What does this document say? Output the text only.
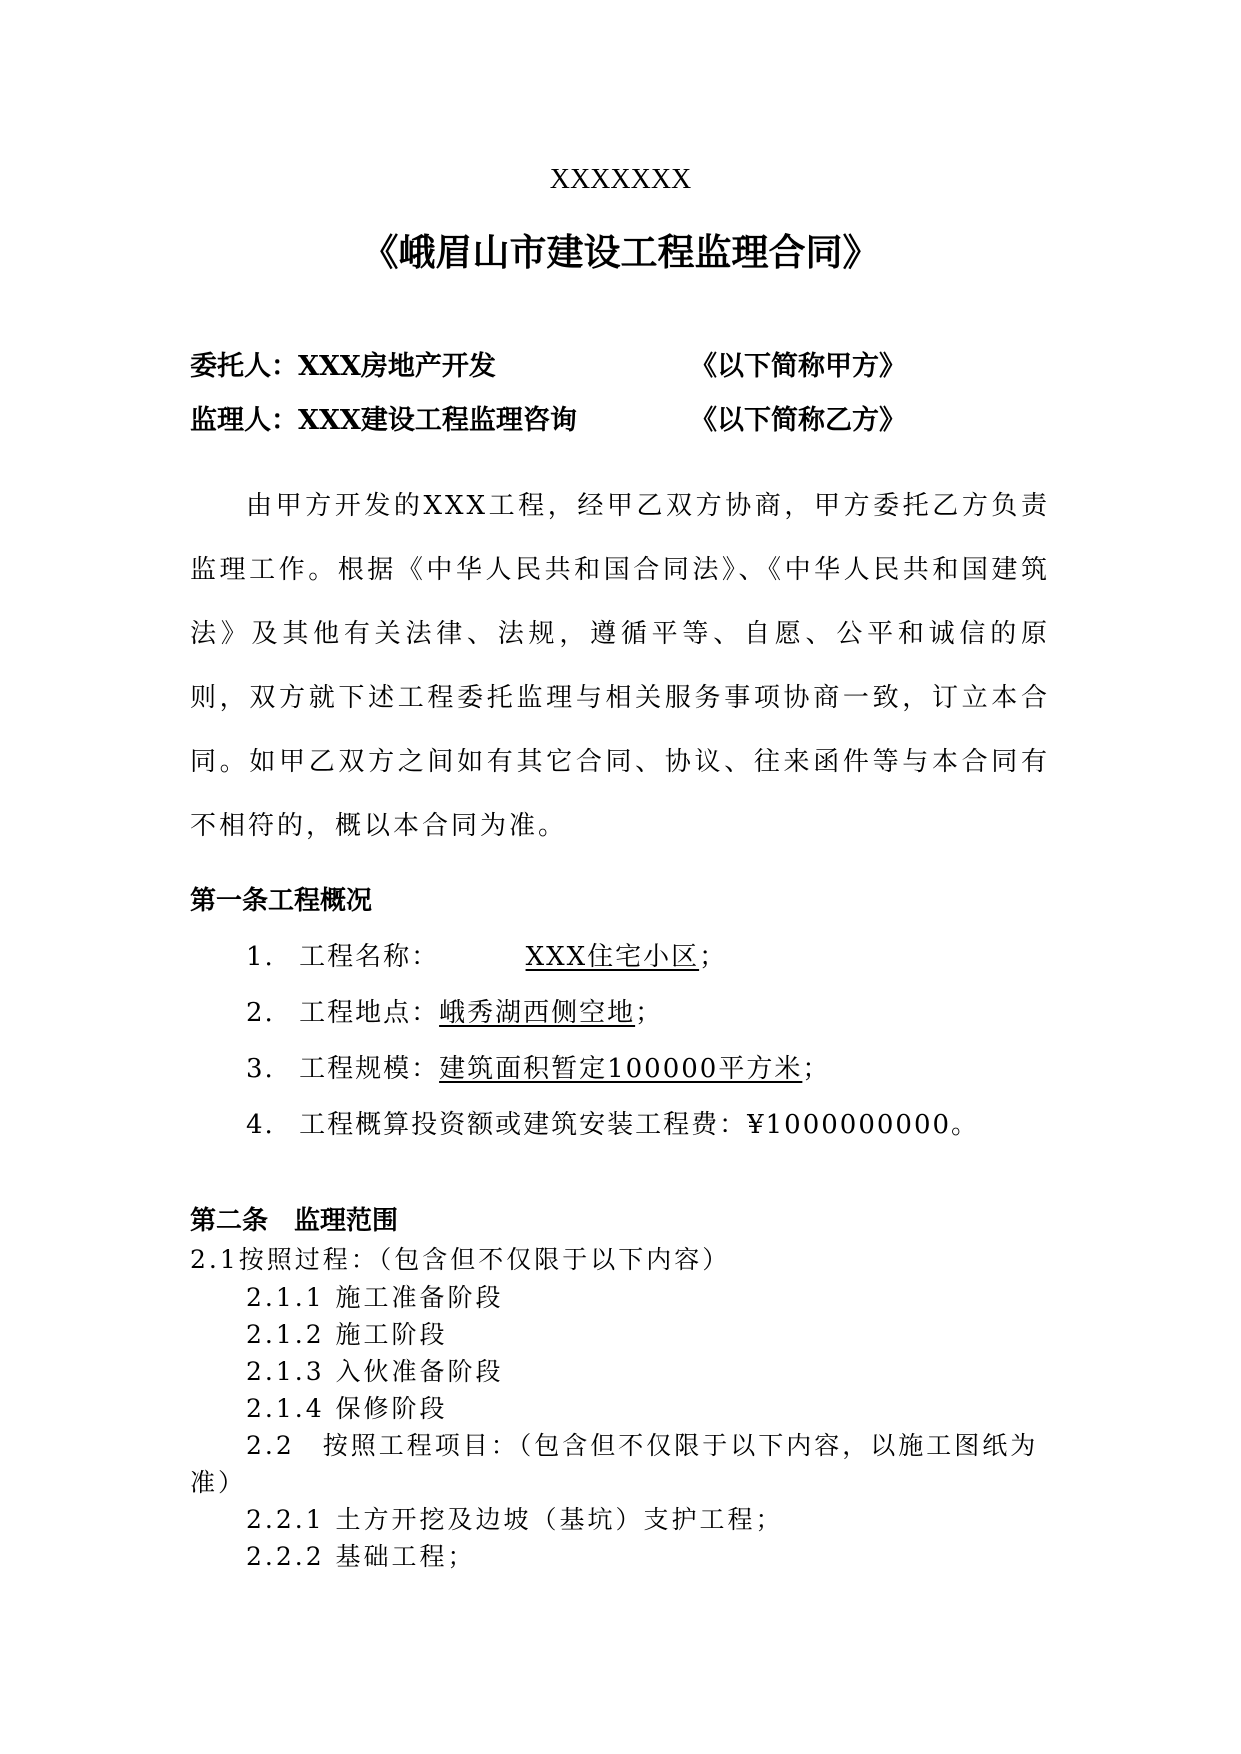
XXXXXXX
《峨眉山市建设工程监理合同》
委托人：XXX房地产开发	《以下简称甲方》
监理人：XXX建设工程监理咨询	《以下简称乙方》
由甲方开发的XXX工程，经甲乙双方协商，甲方委托乙方负责监理工作。根据《中华人民共和国合同法》、《中华人民共和国建筑法》及其他有关法律、法规，遵循平等、自愿、公平和诚信的原则，双方就下述工程委托监理与相关服务事项协商一致，订立本合同。如甲乙双方之间如有其它合同、协议、往来函件等与本合同有不相符的，概以本合同为准。
第一条工程概况
1. 工程名称：	XXX住宅小区；
2. 工程地点：峨秀湖西侧空地；
3. 工程规模：建筑面积暂定100000平方米；
4. 工程概算投资额或建筑安装工程费：¥1000000000。
第二条　监理范围
2.1按照过程：（包含但不仅限于以下内容）
2.1.1 施工准备阶段
2.1.2 施工阶段
2.1.3 入伙准备阶段
2.1.4 保修阶段
2.2　按照工程项目：（包含但不仅限于以下内容，以施工图纸为
准）
2.2.1 土方开挖及边坡（基坑）支护工程；
2.2.2 基础工程；
